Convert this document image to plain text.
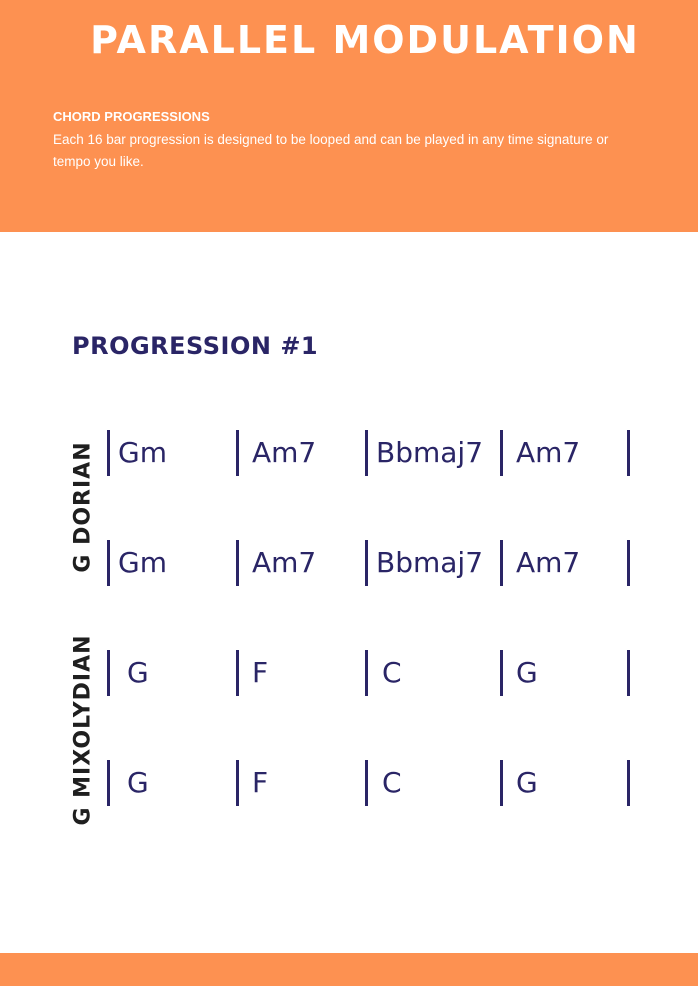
PARALLEL MODULATION
CHORD PROGRESSIONS
Each 16 bar progression is designed to be looped and can be played in any time signature or tempo you like.
PROGRESSION #1
G DORIAN
G MIXOLYDIAN
Gm	Am7 Bbmaj7 Am7
Gm	Am7 Bbmaj7 Am7
G	F	C	G
G	F	C	G
